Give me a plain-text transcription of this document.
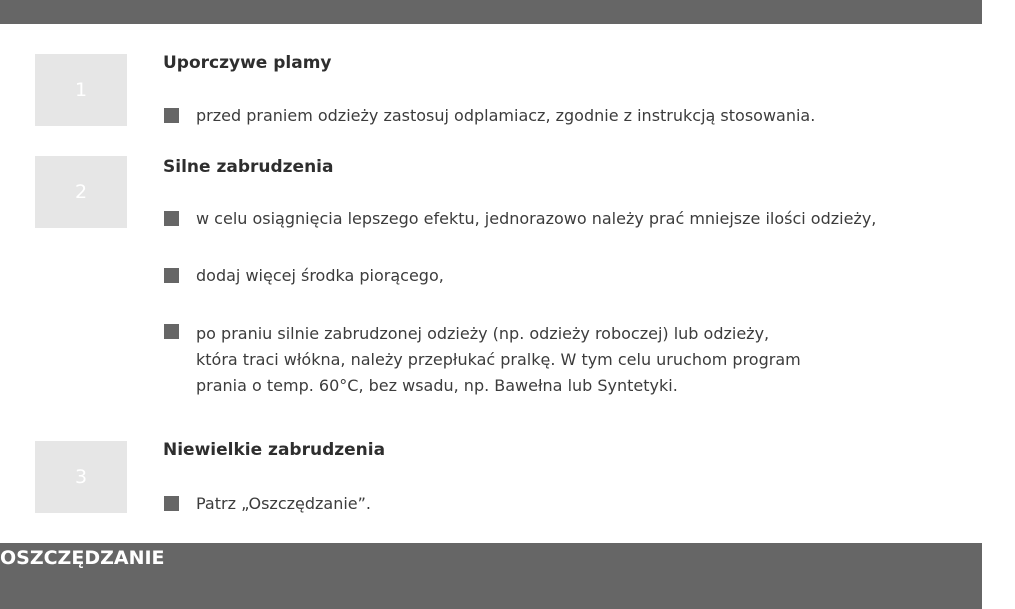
1
Uporczywe plamy
przed praniem odzieży zastosuj odplamiacz, zgodnie z instrukcją stosowania.
2
Silne zabrudzenia
w celu osiągnięcia lepszego efektu, jednorazowo należy prać mniejsze ilości odzieży,
dodaj więcej środka piorącego,
po praniu silnie zabrudzonej odzieży (np. odzieży roboczej) lub odzieży,
która traci włókna, należy przepłukać pralkę. W tym celu uruchom program
prania o temp. 60°C, bez wsadu, np. Bawełna lub Syntetyki.
3
Niewielkie zabrudzenia
Patrz „Oszczędzanie”.
OSZCZĘDZANIE
